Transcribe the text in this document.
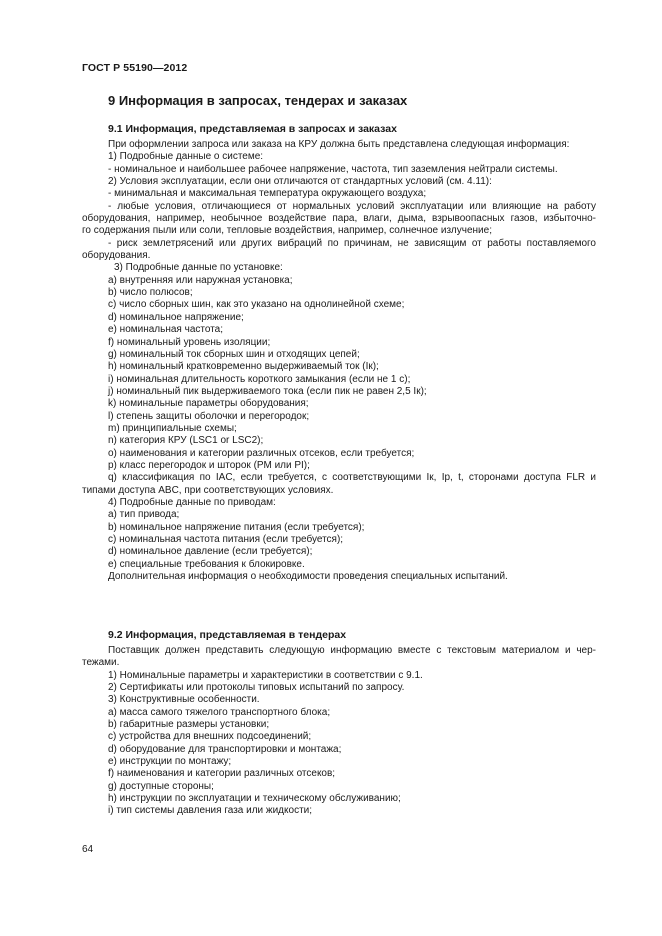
ГОСТ Р 55190—2012
9 Информация в запросах, тендерах и заказах
9.1 Информация, представляемая в запросах и заказах
При оформлении запроса или заказа на КРУ должна быть представлена следующая информация:
1) Подробные данные о системе:
- номинальное и наибольшее рабочее напряжение, частота, тип заземления нейтрали системы.
2) Условия эксплуатации, если они отличаются от стандартных условий (см. 4.11):
- минимальная и максимальная температура окружающего воздуха;
- любые условия, отличающиеся от нормальных условий эксплуатации или влияющие на работу
оборудования, например, необычное воздействие пара, влаги, дыма, взрывоопасных газов, избыточно-
го содержания пыли или соли, тепловые воздействия, например, солнечное излучение;
- риск землетрясений или других вибраций по причинам, не зависящим от работы поставляемого
оборудования.
3) Подробные данные по установке:
a) внутренняя или наружная установка;
b) число полюсов;
c) число сборных шин, как это указано на однолинейной схеме;
d) номинальное напряжение;
e) номинальная частота;
f) номинальный уровень изоляции;
g) номинальный ток сборных шин и отходящих цепей;
h) номинальный кратковременно выдерживаемый ток (Iк);
i) номинальная длительность короткого замыкания (если не 1 с);
j) номинальный пик выдерживаемого тока (если пик не равен 2,5 Iк);
k) номинальные параметры оборудования;
l) степень защиты оболочки и перегородок;
m) принципиальные схемы;
n) категория КРУ (LSC1 or LSC2);
o) наименования и категории различных отсеков, если требуется;
p) класс перегородок и шторок (РМ или PI);
q) классификация по IAC, если требуется, с соответствующими Iк, Iр, t, сторонами доступа FLR и
типами доступа ABC, при соответствующих условиях.
4) Подробные данные по приводам:
a) тип привода;
b) номинальное напряжение питания (если требуется);
c) номинальная частота питания (если требуется);
d) номинальное давление (если требуется);
e) специальные требования к блокировке.
Дополнительная информация о необходимости проведения специальных испытаний.
9.2 Информация, представляемая в тендерах
Поставщик должен представить следующую информацию вместе с текстовым материалом и чер-
тежами.
1) Номинальные параметры и характеристики в соответствии с 9.1.
2) Сертификаты или протоколы типовых испытаний по запросу.
3) Конструктивные особенности.
a) масса самого тяжелого транспортного блока;
b) габаритные размеры установки;
c) устройства для внешних подсоединений;
d) оборудование для транспортировки и монтажа;
e) инструкции по монтажу;
f) наименования и категории различных отсеков;
g) доступные стороны;
h) инструкции по эксплуатации и техническому обслуживанию;
i) тип системы давления газа или жидкости;
64
